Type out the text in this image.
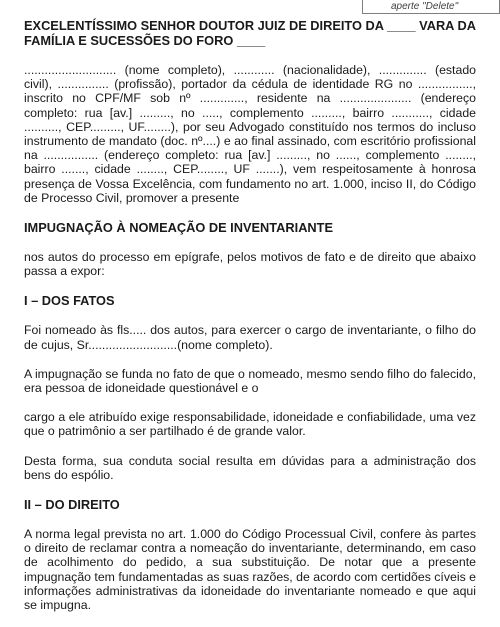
aperte "Delete"
EXCELENTÍSSIMO SENHOR DOUTOR JUIZ DE DIREITO DA ____ VARA DA FAMÍLIA E SUCESSÕES DO FORO ____
........................... (nome completo), ............ (nacionalidade), .............. (estado civil), ............... (profissão), portador da cédula de identidade RG no ................, inscrito no CPF/MF sob nº ............., residente na ..................... (endereço completo: rua [av.] ........., no ....., complemento ........., bairro ..........., cidade .........., CEP........., UF........), por seu Advogado constituído nos termos do incluso instrumento de mandato (doc. nº....) e ao final assinado, com escritório profissional na ................ (endereço completo: rua [av.] ........., no ......, complemento ........, bairro ......., cidade ........, CEP........, UF .......), vem respeitosamente à honrosa presença de Vossa Excelência, com fundamento no art. 1.000, inciso II, do Código de Processo Civil, promover a presente
IMPUGNAÇÃO À NOMEAÇÃO DE INVENTARIANTE
nos autos do processo em epígrafe, pelos motivos de fato e de direito que abaixo passa a expor:
I – DOS FATOS
Foi nomeado às fls..... dos autos, para exercer o cargo de inventariante, o filho do de cujus, Sr..........................(nome completo).
A impugnação se funda no fato de que o nomeado, mesmo sendo filho do falecido, era pessoa de idoneidade questionável e o
cargo a ele atribuído exige responsabilidade, idoneidade e confiabilidade, uma vez que o patrimônio a ser partilhado é de grande valor.
Desta forma, sua conduta social resulta em dúvidas para a administração dos bens do espólio.
II – DO DIREITO
A norma legal prevista no art. 1.000 do Código Processual Civil, confere às partes o direito de reclamar contra a nomeação do inventariante, determinando, em caso de acolhimento do pedido, a sua substituição. De notar que a presente impugnação tem fundamentadas as suas razões, de acordo com certidões cíveis e informações administrativas da idoneidade do inventariante nomeado e que aqui se impugna.
